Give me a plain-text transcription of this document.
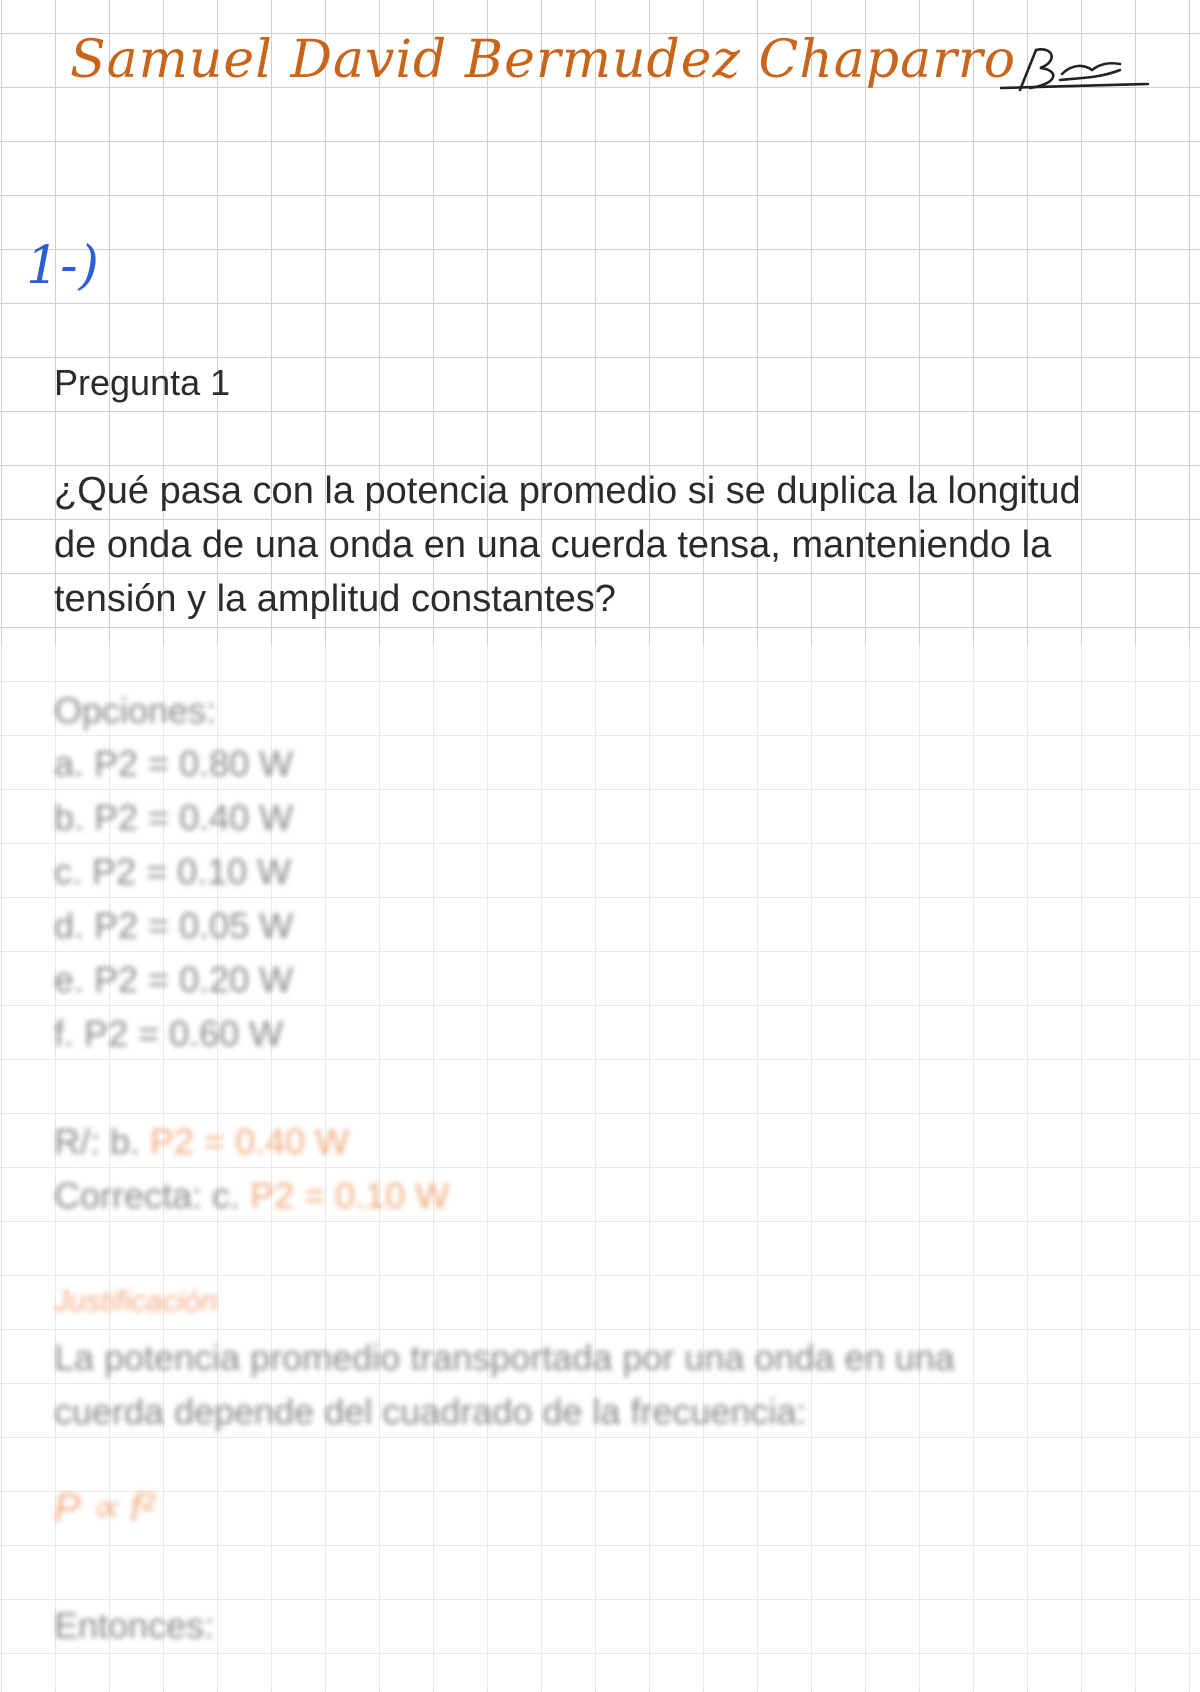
Samuel David Bermudez Chaparro
1-)
Pregunta 1
¿Qué pasa con la potencia promedio si se duplica la longitud
de onda de una onda en una cuerda tensa, manteniendo la
tensión y la amplitud constantes?
Opciones:
a. P2 = 0.80 W
b. P2 = 0.40 W
c. P2 = 0.10 W
d. P2 = 0.05 W
e. P2 = 0.20 W
f. P2 = 0.60 W
R/: b. P2 = 0.40 W
Correcta: c. P2 = 0.10 W
Justificación
La potencia promedio transportada por una onda en una
cuerda depende del cuadrado de la frecuencia:
P ∝ f²
Entonces:
